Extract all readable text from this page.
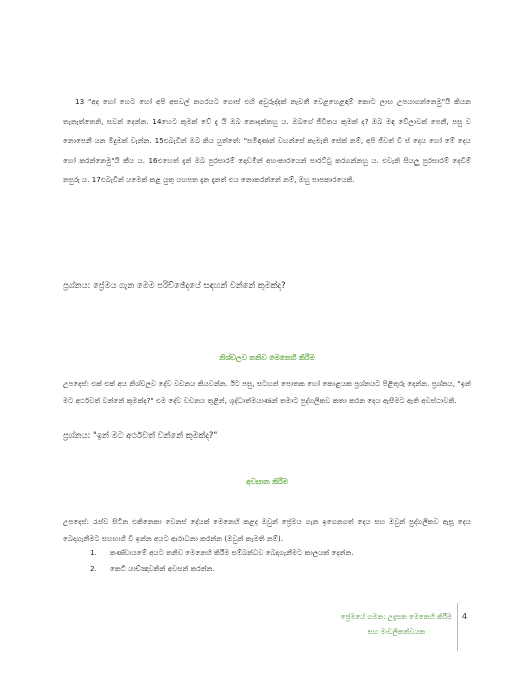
13 "අද හෝ හෙට හෝ අපි අසවල් නගරයට ගොස් එහි අවුරුද්දක් නැවතී වෙළහෙළඳාම් කොට ලාභ උපයාගන්නෙමු"යි කියන තැනැත්තෙනි, සවන් දෙන්න. 14හෙට කුමක් වේ දැ යි ඔබ නොදන්නහු ය. ඔබගේ ජීවිතය කුමක් ද? ඔබ මඳ වේලාවක් පෙනී, පසු ව නොපෙනී යන මීදුමක් වැන්න. 15එබැවින් ඔබ කිය යුත්තේ: "සමිඳාණන් වහන්සේ කැමැති සේක් නම්, අපි ජීවත් වී ස් දෙය හෝ මේ දෙය හෝ කරන්නෙමු"යි කීය ය. 16එහෙත් දැන් ඔබ පුරසාරම් දොඩමින් අහංකාරයෙන් පාරට්ටු කරගන්නහු ය. එවැනි සියලු පුරසාරම් දෙඩීම් නපුරු ය. 17එබැවින් යමෙක් කළ යුතු යහපත දැන දැනත් එය නොකරන්නේ නම්, ඔහු පාපකාරයෙකි.

ප්‍රශ්නය: ප්‍රේමය ගැන මෙම පරිච්ඡේදයේ සඳහන් වන්නේ කුමක්ද?

නිශ්චලව තනිව මෙනෙහි කිරීම

උපදෙස්: එක් එක් අය නිශ්චලව දේව වචනය කියවන්න. ඊට පසු, සටහන් පොතක හෝ කොළයක ප්‍රශ්නයට පිළිතුරු දෙන්න. ප්‍රශ්නය, "ඉන් මට අර්ථවත් වන්නේ කුමක්ද?" එම දේව වචනය තුළින්, ශුද්ධාත්මයාණන් තමාට පුද්ගලිකව කතා කරන දෙය ඇසීමට ඇති අවස්ථාවකි.

ප්‍රශ්නය: "ඉන් මට අර්ථවත් වන්නේ කුමක්ද?"

අවසාන කිරීම

උපදෙස්: රැස්ව සිටින එකිනෙකා වෙනස් දේයක් මෙනෙහි කළද ඔවුන් ප්‍රේමය ගැන ඉගෙනගත් දෙය සහ ඔවුන් පුද්ගලිකව ඇසූ දෙය බෙදාගැනීමට සහභාගී වී ඉන්න අයට ආරාධනා කරන්න (ඔවුන් කැමති නම්).

1. කණ්ඩායමේ අයට තනිව මෙනෙහි කිරීම සම්බන්ධව බෙදාගැනීමට කාලයක් දෙන්න.
2. කෙටි යාච්ඤාවකින් අවසන් කරන්න.
ප්‍රේමයේ ගමන: උදෑසන මෙනෙහි කිරීම
සහ මංඩලිකත්වයක
4
